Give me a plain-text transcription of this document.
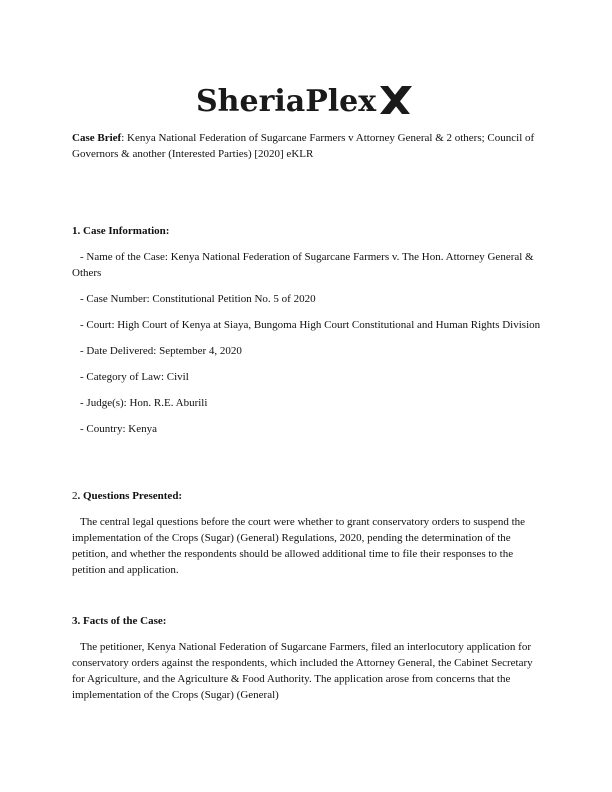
SheriaPlex
Case Brief: Kenya National Federation of Sugarcane Farmers v Attorney General & 2 others; Council of Governors & another (Interested Parties) [2020] eKLR

1. Case Information:

- Name of the Case: Kenya National Federation of Sugarcane Farmers v. The Hon. Attorney General & Others

- Case Number: Constitutional Petition No. 5 of 2020

- Court: High Court of Kenya at Siaya, Bungoma High Court Constitutional and Human Rights Division

- Date Delivered: September 4, 2020

- Category of Law: Civil

- Judge(s): Hon. R.E. Aburili

- Country: Kenya

2. Questions Presented:

The central legal questions before the court were whether to grant conservatory orders to suspend the implementation of the Crops (Sugar) (General) Regulations, 2020, pending the determination of the petition, and whether the respondents should be allowed additional time to file their responses to the petition and application.

3. Facts of the Case:

The petitioner, Kenya National Federation of Sugarcane Farmers, filed an interlocutory application for conservatory orders against the respondents, which included the Attorney General, the Cabinet Secretary for Agriculture, and the Agriculture & Food Authority. The application arose from concerns that the implementation of the Crops (Sugar) (General)
